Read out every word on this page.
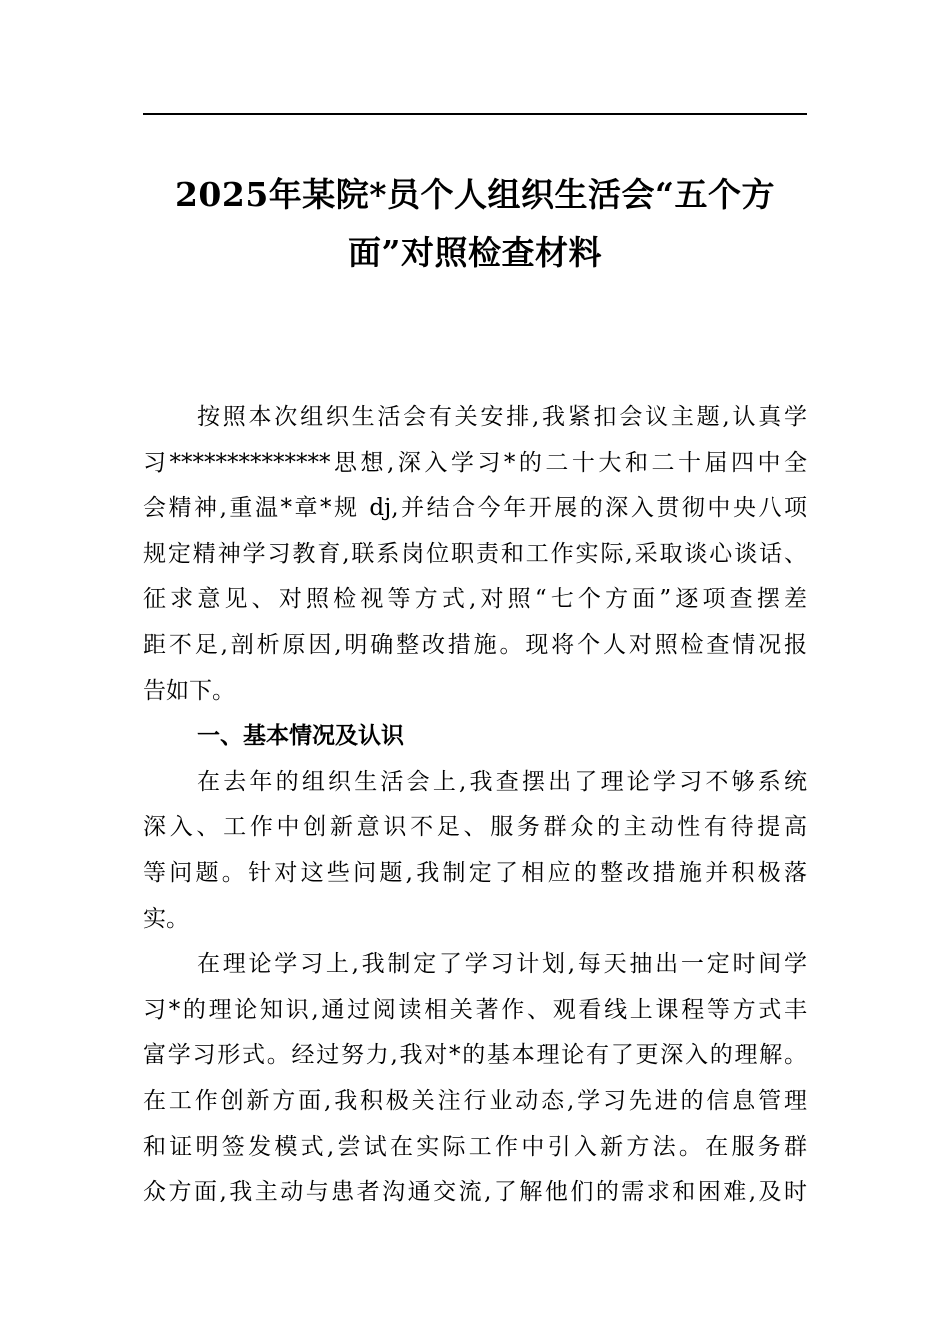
2025年某院*员个人组织生活会“五个方
面”对照检查材料
按照本次组织生活会有关安排,我紧扣会议主题,认真学
习**************思想,深入学习*的二十大和二十届四中全
会精神,重温*章*规 dj,并结合今年开展的深入贯彻中央八项
规定精神学习教育,联系岗位职责和工作实际,采取谈心谈话、
征求意见、对照检视等方式,对照“七个方面”逐项查摆差
距不足,剖析原因,明确整改措施。现将个人对照检查情况报
告如下。
一、基本情况及认识
在去年的组织生活会上,我查摆出了理论学习不够系统
深入、工作中创新意识不足、服务群众的主动性有待提高
等问题。针对这些问题,我制定了相应的整改措施并积极落
实。
在理论学习上,我制定了学习计划,每天抽出一定时间学
习*的理论知识,通过阅读相关著作、观看线上课程等方式丰
富学习形式。经过努力,我对*的基本理论有了更深入的理解。
在工作创新方面,我积极关注行业动态,学习先进的信息管理
和证明签发模式,尝试在实际工作中引入新方法。在服务群
众方面,我主动与患者沟通交流,了解他们的需求和困难,及时
